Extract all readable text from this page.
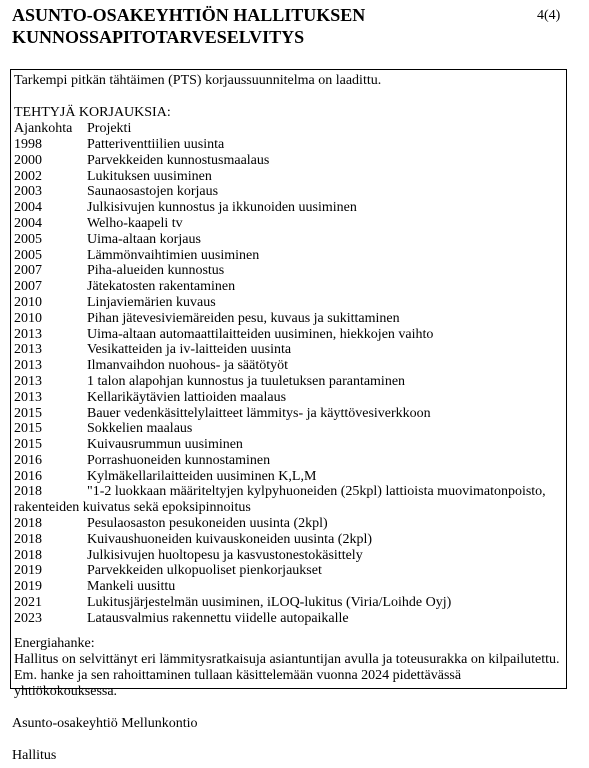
ASUNTO-OSAKEYHTIÖN HALLITUKSEN
KUNNOSSAPITOTARVESELVITYS
4(4)
Tarkempi pitkän tähtäimen (PTS) korjaussuunnitelma on laadittu.
TEHTYJÄ KORJAUKSIA:
Ajankohta Projekti
1998	Patteriventtiilien uusinta
2000	Parvekkeiden kunnostusmaalaus
2002	Lukituksen uusiminen
2003	Saunaosastojen korjaus
2004	Julkisivujen kunnostus ja ikkunoiden uusiminen
2004	Welho-kaapeli tv
2005	Uima-altaan korjaus
2005	Lämmönvaihtimien uusiminen
2007	Piha-alueiden kunnostus
2007	Jätekatosten rakentaminen
2010	Linjaviemärien kuvaus
2010	Pihan jätevesiviemäreiden pesu, kuvaus ja sukittaminen
2013	Uima-altaan automaattilaitteiden uusiminen, hiekkojen vaihto
2013	Vesikatteiden ja iv-laitteiden uusinta
2013	Ilmanvaihdon nuohous- ja säätötyöt
2013	1 talon alapohjan kunnostus ja tuuletuksen parantaminen
2013	Kellarikäytävien lattioiden maalaus
2015	Bauer vedenkäsittelylaitteet lämmitys- ja käyttövesiverkkoon
2015	Sokkelien maalaus
2015	Kuivausrummun uusiminen
2016	Porrashuoneiden kunnostaminen
2016	Kylmäkellarilaitteiden uusiminen K,L,M
2018	"1-2 luokkaan määriteltyjen kylpyhuoneiden (25kpl) lattioista muovimatonpoisto, rakenteiden kuivatus sekä epoksipinnoitus
2018	Pesulaosaston pesukoneiden uusinta (2kpl)
2018	Kuivaushuoneiden kuivauskoneiden uusinta (2kpl)
2018	Julkisivujen huoltopesu ja kasvustonestokäsittely
2019	Parvekkeiden ulkopuoliset pienkorjaukset
2019	Mankeli uusittu
2021	Lukitusjärjestelmän uusiminen, iLOQ-lukitus (Viria/Loihde Oyj)
2023	Latausvalmius rakennettu viidelle autopaikalle
Energiahanke:
Hallitus on selvittänyt eri lämmitysratkaisuja asiantuntijan avulla ja toteusurakka on kilpailutettu. Em. hanke ja sen rahoittaminen tullaan käsittelemään vuonna 2024 pidettävässä yhtiökokouksessa.
Asunto-osakeyhtiö Mellunkontio
Hallitus
